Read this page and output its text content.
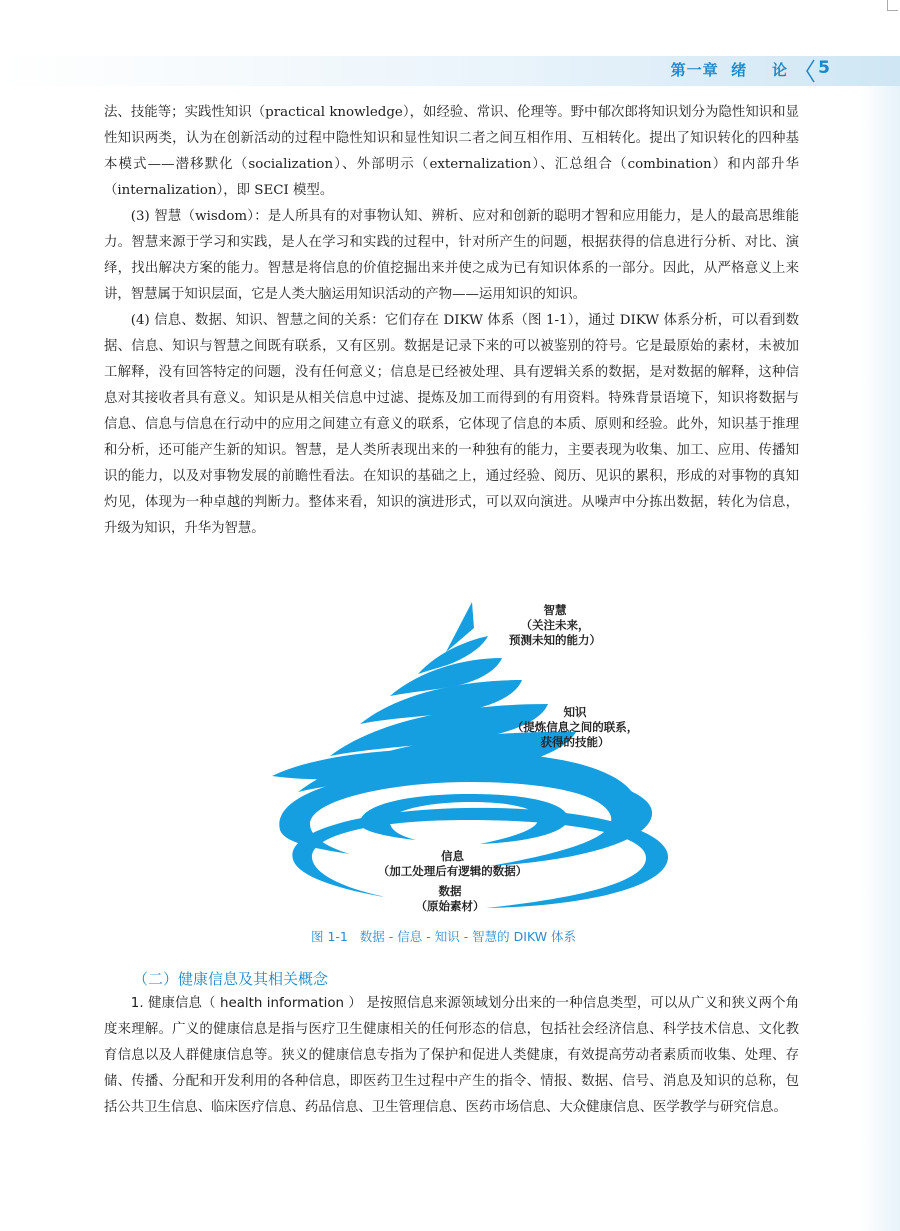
第一章  绪    论 5

法、技能等；实践性知识（practical knowledge），如经验、常识、伦理等。野中郁次郎将知识划分为隐性知识和显性知识两类，认为在创新活动的过程中隐性知识和显性知识二者之间互相作用、互相转化。提出了知识转化的四种基本模式——潜移默化（socialization）、外部明示（externalization）、汇总组合（combination）和内部升华（internalization），即 SECI 模型。

(3) 智慧（wisdom）：是人所具有的对事物认知、辨析、应对和创新的聪明才智和应用能力，是人的最高思维能力。智慧来源于学习和实践，是人在学习和实践的过程中，针对所产生的问题，根据获得的信息进行分析、对比、演绎，找出解决方案的能力。智慧是将信息的价值挖掘出来并使之成为已有知识体系的一部分。因此，从严格意义上来讲，智慧属于知识层面，它是人类大脑运用知识活动的产物——运用知识的知识。

(4) 信息、数据、知识、智慧之间的关系：它们存在 DIKW 体系（图 1-1），通过 DIKW 体系分析，可以看到数据、信息、知识与智慧之间既有联系，又有区别。数据是记录下来的可以被鉴别的符号。它是最原始的素材，未被加工解释，没有回答特定的问题，没有任何意义；信息是已经被处理、具有逻辑关系的数据，是对数据的解释，这种信息对其接收者具有意义。知识是从相关信息中过滤、提炼及加工而得到的有用资料。特殊背景语境下，知识将数据与信息、信息与信息在行动中的应用之间建立有意义的联系，它体现了信息的本质、原则和经验。此外，知识基于推理和分析，还可能产生新的知识。智慧，是人类所表现出来的一种独有的能力，主要表现为收集、加工、应用、传播知识的能力，以及对事物发展的前瞻性看法。在知识的基础之上，通过经验、阅历、见识的累积，形成的对事物的真知灼见，体现为一种卓越的判断力。整体来看，知识的演进形式，可以双向演进。从噪声中分拣出数据，转化为信息，升级为知识，升华为智慧。

智慧
（关注未来，
预测未知的能力）
知识
（提炼信息之间的联系，
获得的技能）
信息
（加工处理后有逻辑的数据）
数据
（原始素材）
图 1-1   数据 - 信息 - 知识 - 智慧的 DIKW 体系
（二）健康信息及其相关概念

1. 健康信息（ health information ） 是按照信息来源领域划分出来的一种信息类型，可以从广义和狭义两个角度来理解。广义的健康信息是指与医疗卫生健康相关的任何形态的信息，包括社会经济信息、科学技术信息、文化教育信息以及人群健康信息等。狭义的健康信息专指为了保护和促进人类健康，有效提高劳动者素质而收集、处理、存储、传播、分配和开发利用的各种信息，即医药卫生过程中产生的指令、情报、数据、信号、消息及知识的总称，包括公共卫生信息、临床医疗信息、药品信息、卫生管理信息、医药市场信息、大众健康信息、医学教学与研究信息。
